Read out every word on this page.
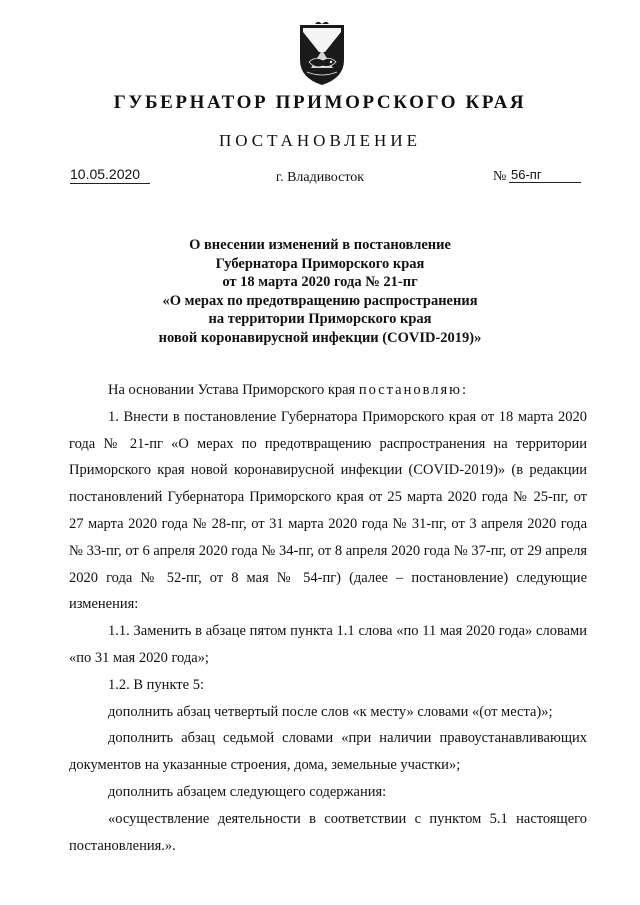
ГУБЕРНАТОР ПРИМОРСКОГО КРАЯ
ПОСТАНОВЛЕНИЕ
10.05.2020	г. Владивосток	№ 56-пг
О внесении изменений в постановление
Губернатора Приморского края
от 18 марта 2020 года № 21-пг
«О мерах по предотвращению распространения
на территории Приморского края
новой коронавирусной инфекции (COVID-2019)»

На основании Устава Приморского края постановляю:

1. Внести в постановление Губернатора Приморского края от 18 марта 2020 года № 21-пг «О мерах по предотвращению распространения на территории Приморского края новой коронавирусной инфекции (COVID-2019)» (в редакции постановлений Губернатора Приморского края от 25 марта 2020 года № 25-пг, от 27 марта 2020 года № 28-пг, от 31 марта 2020 года № 31-пг, от 3 апреля 2020 года № 33-пг, от 6 апреля 2020 года № 34-пг, от 8 апреля 2020 года № 37-пг, от 29 апреля 2020 года № 52-пг, от 8 мая № 54-пг) (далее – постановление) следующие изменения:

1.1. Заменить в абзаце пятом пункта 1.1 слова «по 11 мая 2020 года» словами «по 31 мая 2020 года»;

1.2. В пункте 5:

дополнить абзац четвертый после слов «к месту» словами «(от места)»;

дополнить абзац седьмой словами «при наличии правоустанавливающих документов на указанные строения, дома, земельные участки»;

дополнить абзацем следующего содержания:

«осуществление деятельности в соответствии с пунктом 5.1 настоящего постановления.».
